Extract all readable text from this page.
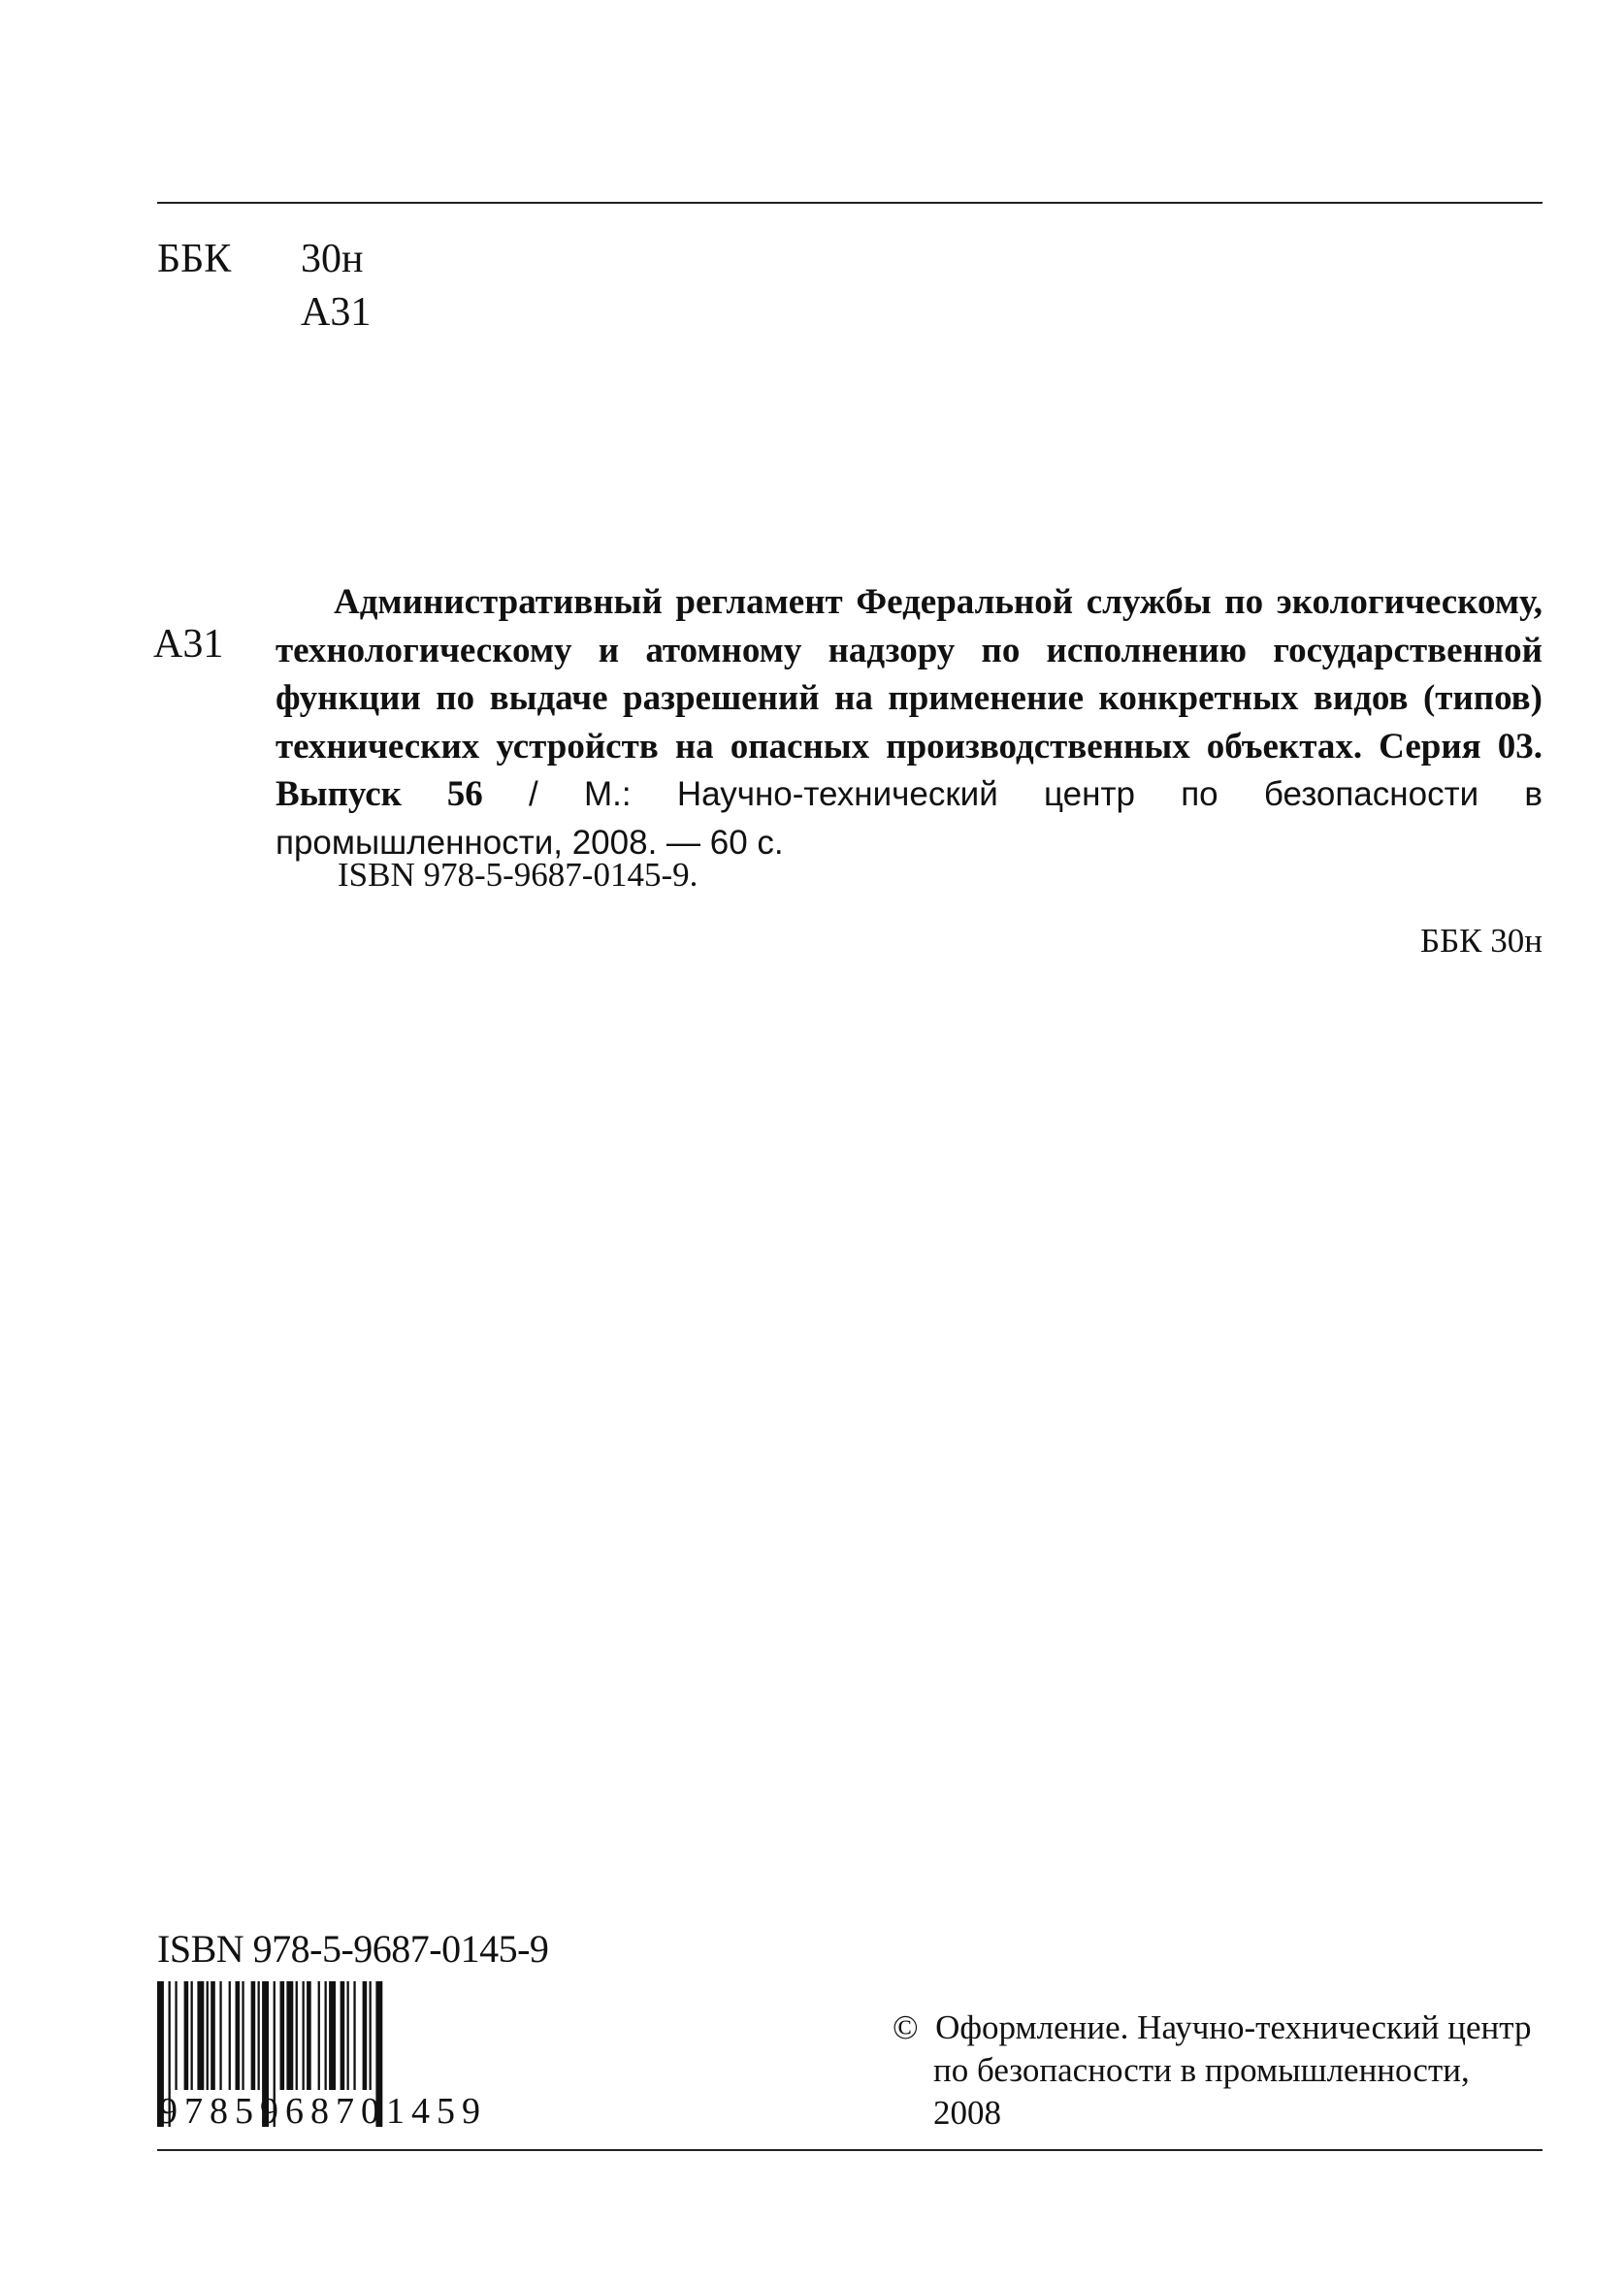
ББК 30н
А31
А31
Административный регламент Федеральной службы по экологическому, технологическому и атомному надзору по исполнению государственной функции по выдаче разрешений на применение конкретных видов (типов) технических устройств на опасных производственных объектах. Серия 03. Выпуск 56 / М.: Научно-технический центр по безопасности в промышленности, 2008. — 60 с.
ISBN 978-5-9687-0145-9.
ББК 30н
ISBN 978-5-9687-0145-9
9785968701459
© Оформление. Научно-технический центр
по безопасности в промышленности,
2008
